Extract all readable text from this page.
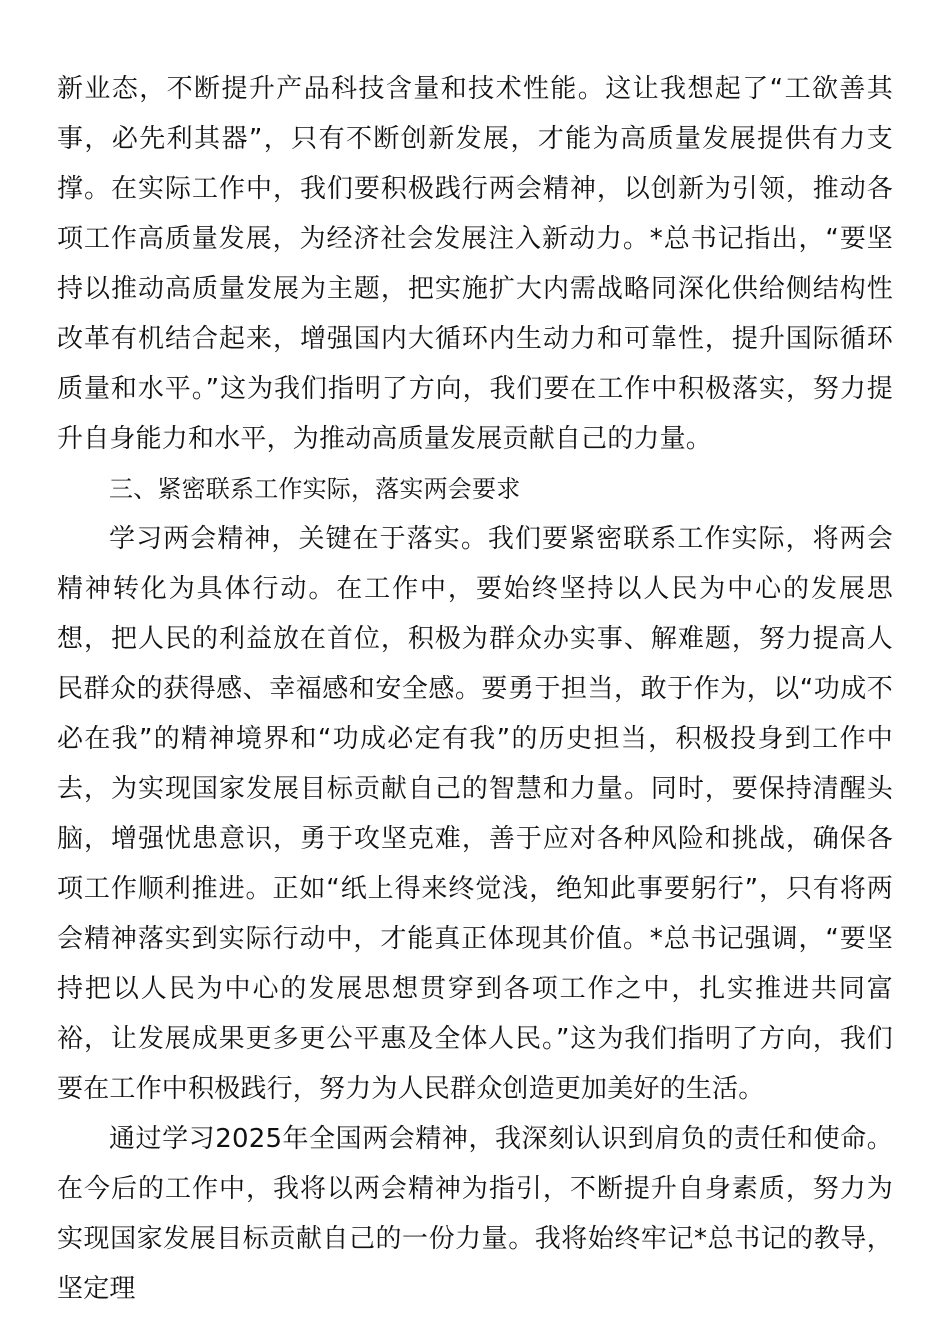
新业态，不断提升产品科技含量和技术性能。这让我想起了“工欲善其事，必先利其器”，只有不断创新发展，才能为高质量发展提供有力支撑。在实际工作中，我们要积极践行两会精神，以创新为引领，推动各项工作高质量发展，为经济社会发展注入新动力。*总书记指出，“要坚持以推动高质量发展为主题，把实施扩大内需战略同深化供给侧结构性改革有机结合起来，增强国内大循环内生动力和可靠性，提升国际循环质量和水平。”这为我们指明了方向，我们要在工作中积极落实，努力提升自身能力和水平，为推动高质量发展贡献自己的力量。

三、紧密联系工作实际，落实两会要求

学习两会精神，关键在于落实。我们要紧密联系工作实际，将两会精神转化为具体行动。在工作中，要始终坚持以人民为中心的发展思想，把人民的利益放在首位，积极为群众办实事、解难题，努力提高人民群众的获得感、幸福感和安全感。要勇于担当，敢于作为，以“功成不必在我”的精神境界和“功成必定有我”的历史担当，积极投身到工作中去，为实现国家发展目标贡献自己的智慧和力量。同时，要保持清醒头脑，增强忧患意识，勇于攻坚克难，善于应对各种风险和挑战，确保各项工作顺利推进。正如“纸上得来终觉浅，绝知此事要躬行”，只有将两会精神落实到实际行动中，才能真正体现其价值。*总书记强调，“要坚持把以人民为中心的发展思想贯穿到各项工作之中，扎实推进共同富裕，让发展成果更多更公平惠及全体人民。”这为我们指明了方向，我们要在工作中积极践行，努力为人民群众创造更加美好的生活。

通过学习2025年全国两会精神，我深刻认识到肩负的责任和使命。在今后的工作中，我将以两会精神为指引，不断提升自身素质，努力为实现国家发展目标贡献自己的一份力量。我将始终牢记*总书记的教导，坚定理
